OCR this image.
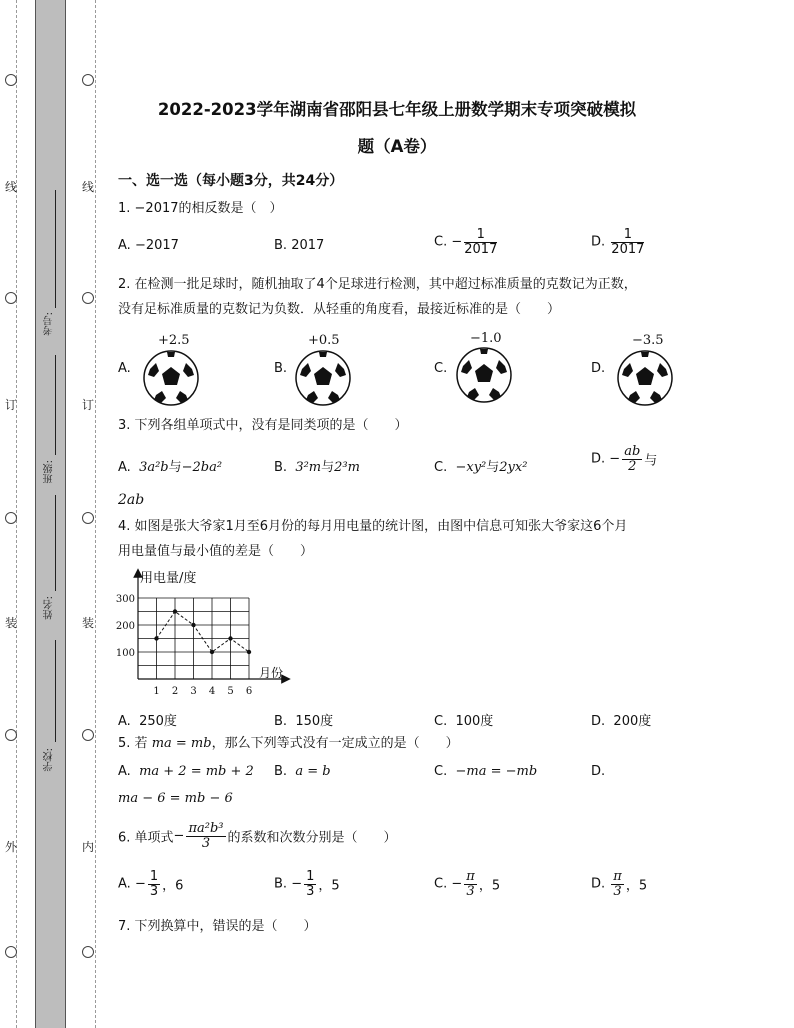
线
订
装
外
线
订
装
内
考号:
班级:
姓名:
学校:
2022-2023学年湖南省邵阳县七年级上册数学期末专项突破模拟
题（A卷）
一、选一选（每小题3分，共24分）
1. −2017的相反数是（　）
A. −2017	B. 2017	C. − $\frac{1}{2017}$	D. $\frac{1}{2017}$
2. 在检测一批足球时，随机抽取了4个足球进行检测，其中超过标准质量的克数记为正数，
没有足标准质量的克数记为负数．从轻重的角度看，最接近标准的是（　　）
A.
+2.5
B.
+0.5
C.
−1.0
D.
−3.5
3. 下列各组单项式中，没有是同类项的是（　　）
A. 3a²b与−2ba²	B. 3²m与2³m	C. −xy²与2yx²
D. − $\frac{ab}{2}$ 与
2ab
4. 如图是张大爷家1月至6月份的每月用电量的统计图，由图中信息可知张大爷家这6个月
用电量值与最小值的差是（　　）
用电量/度
月份
100
200
300
1 2 3 4 5 6
A. 250度	B. 150度	C. 100度	D. 200度
5. 若 ma = mb，那么下列等式没有一定成立的是（　　）
A. ma + 2 = mb + 2 B. a = b	C. −ma = −mb	D.
ma − 6 = mb − 6
6. 单项式− $\frac{\text{πa²b³}}{3}$ 的系数和次数分别是（　　）
A. − $\frac{1}{3}$ ，6	B. − $\frac{1}{3}$ ，5	C. − $\frac{\pi}{3}$ ，5	D. $\frac{\pi}{3}$ ，5
7. 下列换算中，错误的是（　　）
